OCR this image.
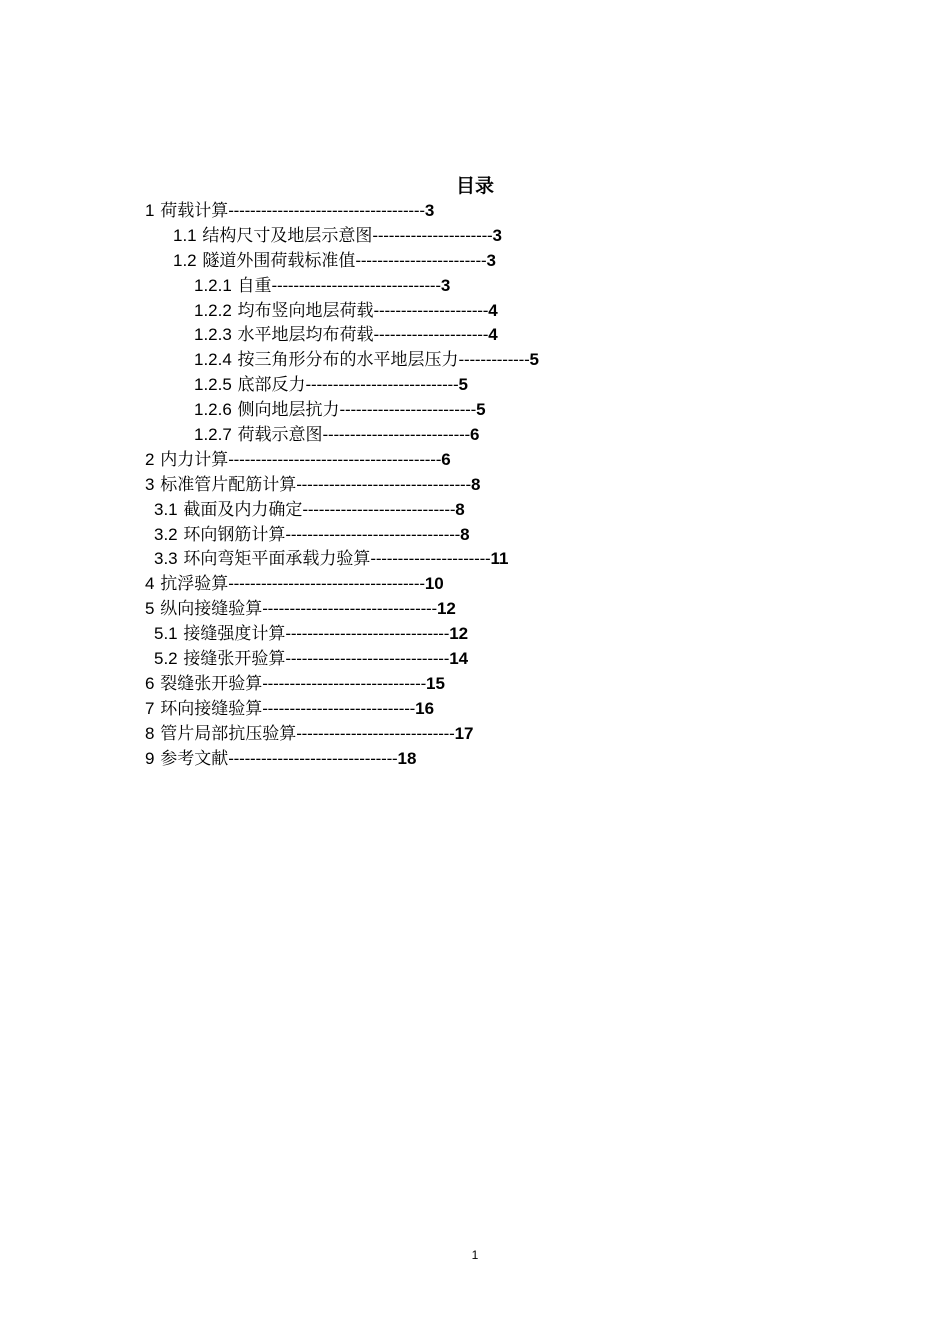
目录
1 荷载计算------------------------------------3
1.1 结构尺寸及地层示意图----------------------3
1.2 隧道外围荷载标准值------------------------3
1.2.1 自重-------------------------------3
1.2.2 均布竖向地层荷载---------------------4
1.2.3 水平地层均布荷载---------------------4
1.2.4 按三角形分布的水平地层压力-------------5
1.2.5 底部反力----------------------------5
1.2.6 侧向地层抗力-------------------------5
1.2.7 荷载示意图---------------------------6
2 内力计算---------------------------------------6
3 标准管片配筋计算--------------------------------8
3.1 截面及内力确定----------------------------8
3.2 环向钢筋计算--------------------------------8
3.3 环向弯矩平面承载力验算----------------------11
4 抗浮验算------------------------------------10
5 纵向接缝验算--------------------------------12
5.1 接缝强度计算------------------------------12
5.2 接缝张开验算------------------------------14
6 裂缝张开验算------------------------------15
7 环向接缝验算----------------------------16
8 管片局部抗压验算-----------------------------17
9 参考文献-------------------------------18
1
